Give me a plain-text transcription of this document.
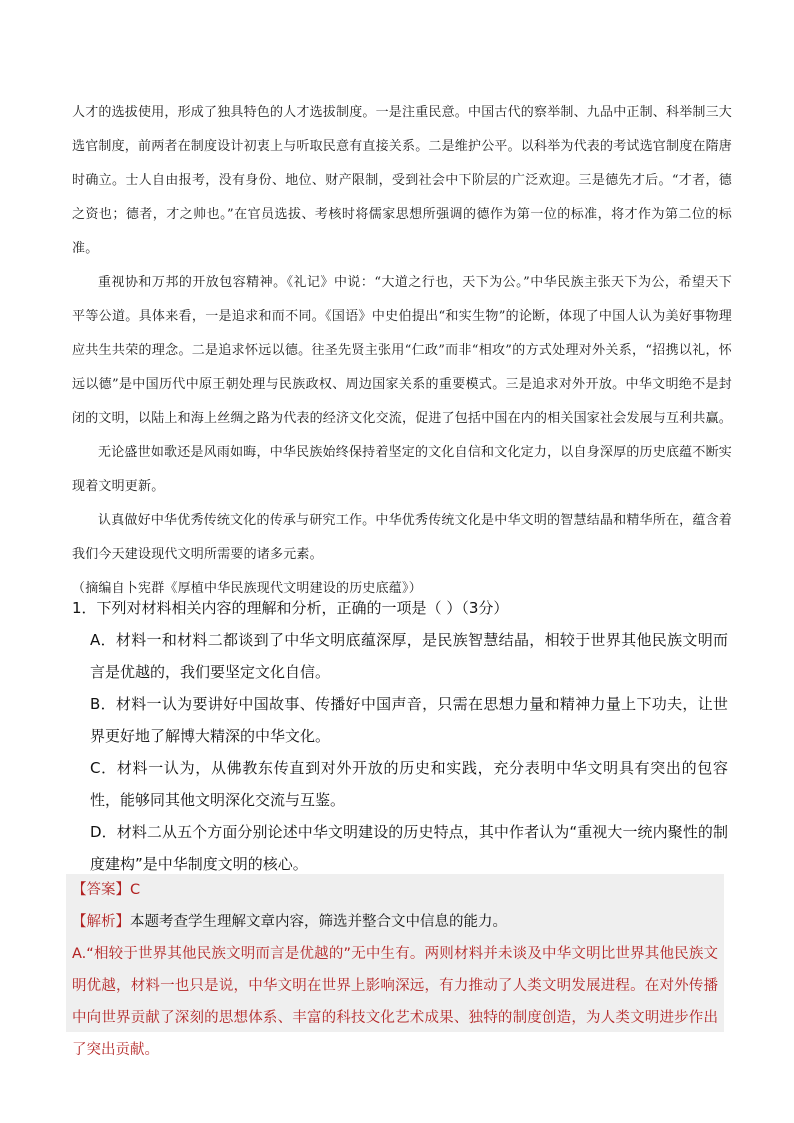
人才的选拔使用，形成了独具特色的人才选拔制度。一是注重民意。中国古代的察举制、九品中正制、科举制三大选官制度，前两者在制度设计初衷上与听取民意有直接关系。二是维护公平。以科举为代表的考试选官制度在隋唐时确立。士人自由报考，没有身份、地位、财产限制，受到社会中下阶层的广泛欢迎。三是德先才后。“才者，德之资也；德者，才之帅也。”在官员选拔、考核时将儒家思想所强调的德作为第一位的标准，将才作为第二位的标准。

重视协和万邦的开放包容精神。《礼记》中说：“大道之行也，天下为公。”中华民族主张天下为公，希望天下平等公道。具体来看，一是追求和而不同。《国语》中史伯提出“和实生物”的论断，体现了中国人认为美好事物理应共生共荣的理念。二是追求怀远以德。往圣先贤主张用“仁政”而非“相攻”的方式处理对外关系，“招携以礼，怀远以德”是中国历代中原王朝处理与民族政权、周边国家关系的重要模式。三是追求对外开放。中华文明绝不是封闭的文明，以陆上和海上丝绸之路为代表的经济文化交流，促进了包括中国在内的相关国家社会发展与互利共赢。

无论盛世如歌还是风雨如晦，中华民族始终保持着坚定的文化自信和文化定力，以自身深厚的历史底蕴不断实现着文明更新。

认真做好中华优秀传统文化的传承与研究工作。中华优秀传统文化是中华文明的智慧结晶和精华所在，蕴含着我们今天建设现代文明所需要的诸多元素。

（摘编自卜宪群《厚植中华民族现代文明建设的历史底蕴》）

1．下列对材料相关内容的理解和分析，正确的一项是（ ）（3分）

A．材料一和材料二都谈到了中华文明底蕴深厚，是民族智慧结晶，相较于世界其他民族文明而言是优越的，我们要坚定文化自信。

B．材料一认为要讲好中国故事、传播好中国声音，只需在思想力量和精神力量上下功夫，让世界更好地了解博大精深的中华文化。

C．材料一认为，从佛教东传直到对外开放的历史和实践，充分表明中华文明具有突出的包容性，能够同其他文明深化交流与互鉴。

D．材料二从五个方面分别论述中华文明建设的历史特点，其中作者认为“重视大一统内聚性的制度建构”是中华制度文明的核心。

【答案】C

【解析】本题考查学生理解文章内容，筛选并整合文中信息的能力。

A.“相较于世界其他民族文明而言是优越的”无中生有。两则材料并未谈及中华文明比世界其他民族文明优越，材料一也只是说，中华文明在世界上影响深远，有力推动了人类文明发展进程。在对外传播中向世界贡献了深刻的思想体系、丰富的科技文化艺术成果、独特的制度创造，为人类文明进步作出了突出贡献。
